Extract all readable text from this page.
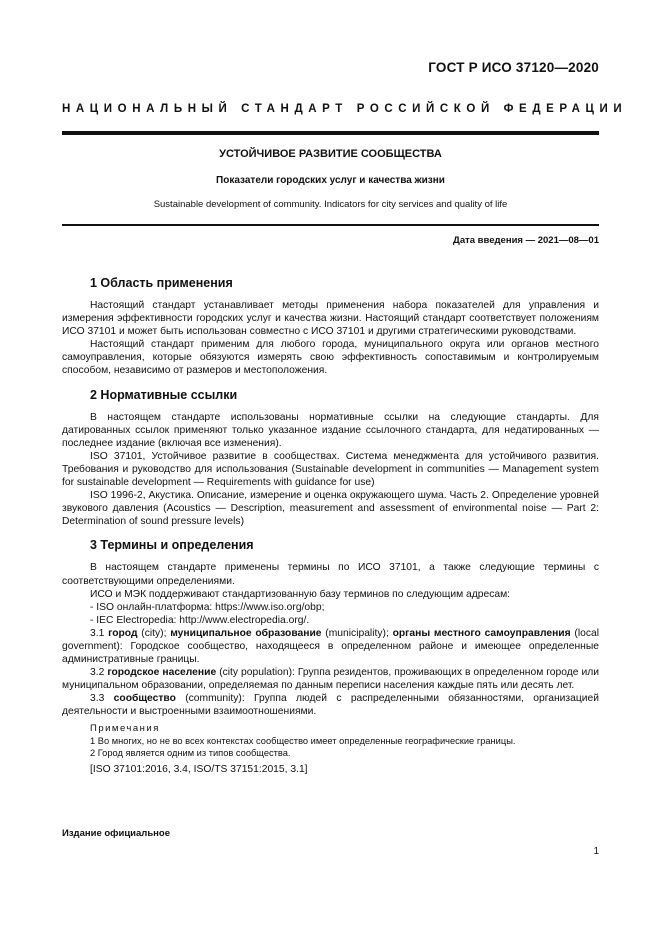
ГОСТ Р ИСО 37120—2020
НАЦИОНАЛЬНЫЙ СТАНДАРТ РОССИЙСКОЙ ФЕДЕРАЦИИ
УСТОЙЧИВОЕ РАЗВИТИЕ СООБЩЕСТВА
Показатели городских услуг и качества жизни
Sustainable development of community. Indicators for city services and quality of life
Дата введения — 2021—08—01
1 Область применения

Настоящий стандарт устанавливает методы применения набора показателей для управления и измерения эффективности городских услуг и качества жизни. Настоящий стандарт соответствует положениям ИСО 37101 и может быть использован совместно с ИСО 37101 и другими стратегическими руководствами.

Настоящий стандарт применим для любого города, муниципального округа или органов местного самоуправления, которые обязуются измерять свою эффективность сопоставимым и контролируемым способом, независимо от размеров и местоположения.

2 Нормативные ссылки

В настоящем стандарте использованы нормативные ссылки на следующие стандарты. Для датированных ссылок применяют только указанное издание ссылочного стандарта, для недатированных — последнее издание (включая все изменения).

ISO 37101, Устойчивое развитие в сообществах. Система менеджмента для устойчивого развития. Требования и руководство для использования (Sustainable development in communities — Management system for sustainable development — Requirements with guidance for use)

ISO 1996-2, Акустика. Описание, измерение и оценка окружающего шума. Часть 2. Определение уровней звукового давления (Acoustics — Description, measurement and assessment of environmental noise — Part 2: Determination of sound pressure levels)

3 Термины и определения

В настоящем стандарте применены термины по ИСО 37101, а также следующие термины с соответствующими определениями.

ИСО и МЭК поддерживают стандартизованную базу терминов по следующим адресам:

- ISO онлайн-платформа: https://www.iso.org/obp;

- IEC Electropedia: http://www.electropedia.org/.

3.1 город (city); муниципальное образование (municipality); органы местного самоуправления (local government): Городское сообщество, находящееся в определенном районе и имеющее определенные административные границы.

3.2 городское население (city population): Группа резидентов, проживающих в определенном городе или муниципальном образовании, определяемая по данным переписи населения каждые пять или десять лет.

3.3 сообщество (community): Группа людей с распределенными обязанностями, организацией деятельности и выстроенными взаимоотношениями.

Примечания
1 Во многих, но не во всех контекстах сообщество имеет определенные географические границы.
2 Город является одним из типов сообщества.
[ISO 37101:2016, 3.4, ISO/TS 37151:2015, 3.1]
Издание официальное
1
